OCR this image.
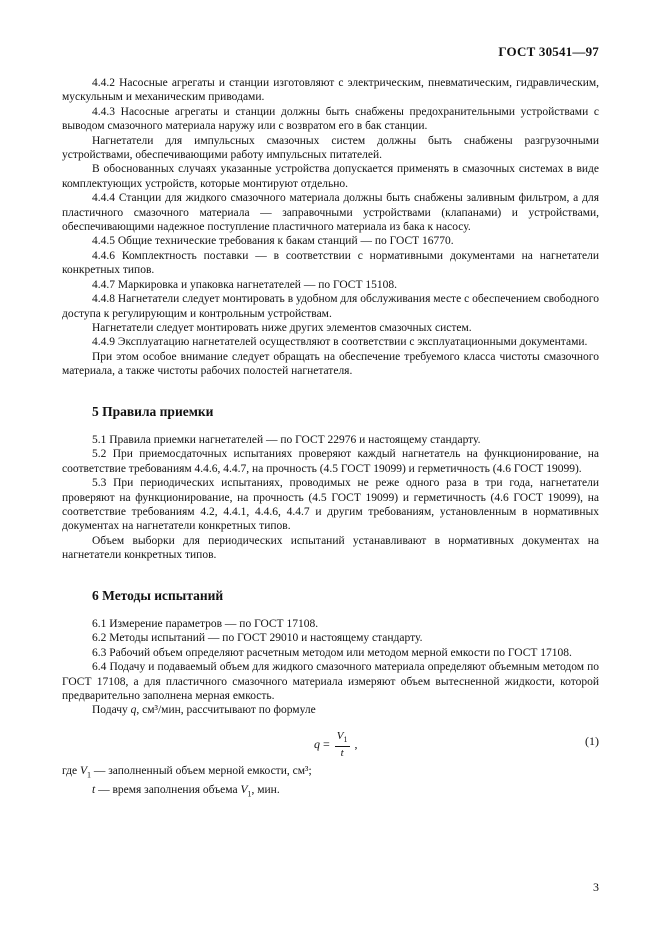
ГОСТ 30541—97

4.4.2 Насосные агрегаты и станции изготовляют с электрическим, пневматическим, гидравлическим, мускульным и механическим приводами.

4.4.3 Насосные агрегаты и станции должны быть снабжены предохранительными устройствами с выводом смазочного материала наружу или с возвратом его в бак станции.

Нагнетатели для импульсных смазочных систем должны быть снабжены разгрузочными устройствами, обеспечивающими работу импульсных питателей.

В обоснованных случаях указанные устройства допускается применять в смазочных системах в виде комплектующих устройств, которые монтируют отдельно.

4.4.4 Станции для жидкого смазочного материала должны быть снабжены заливным фильтром, а для пластичного смазочного материала — заправочными устройствами (клапанами) и устройствами, обеспечивающими надежное поступление пластичного материала из бака к насосу.

4.4.5 Общие технические требования к бакам станций — по ГОСТ 16770.

4.4.6 Комплектность поставки — в соответствии с нормативными документами на нагнетатели конкретных типов.

4.4.7 Маркировка и упаковка нагнетателей — по ГОСТ 15108.

4.4.8 Нагнетатели следует монтировать в удобном для обслуживания месте с обеспечением свободного доступа к регулирующим и контрольным устройствам.

Нагнетатели следует монтировать ниже других элементов смазочных систем.

4.4.9 Эксплуатацию нагнетателей осуществляют в соответствии с эксплуатационными документами.

При этом особое внимание следует обращать на обеспечение требуемого класса чистоты смазочного материала, а также чистоты рабочих полостей нагнетателя.

5 Правила приемки

5.1 Правила приемки нагнетателей — по ГОСТ 22976 и настоящему стандарту.

5.2 При приемосдаточных испытаниях проверяют каждый нагнетатель на функционирование, на соответствие требованиям 4.4.6, 4.4.7, на прочность (4.5 ГОСТ 19099) и герметичность (4.6 ГОСТ 19099).

5.3 При периодических испытаниях, проводимых не реже одного раза в три года, нагнетатели проверяют на функционирование, на прочность (4.5 ГОСТ 19099) и герметичность (4.6 ГОСТ 19099), на соответствие требованиям 4.2, 4.4.1, 4.4.6, 4.4.7 и другим требованиям, установленным в нормативных документах на нагнетатели конкретных типов.

Объем выборки для периодических испытаний устанавливают в нормативных документах на нагнетатели конкретных типов.

6 Методы испытаний

6.1 Измерение параметров — по ГОСТ 17108.

6.2 Методы испытаний — по ГОСТ 29010 и настоящему стандарту.

6.3 Рабочий объем определяют расчетным методом или методом мерной емкости по ГОСТ 17108.

6.4 Подачу и подаваемый объем для жидкого смазочного материала определяют объемным методом по ГОСТ 17108, а для пластичного смазочного материала измеряют объем вытесненной жидкости, которой предварительно заполнена мерная емкость.

Подачу q, см³/мин, рассчитывают по формуле

$q = \frac{V_1}{t}$ ,	(1)

где $V_1$ — заполненный объем мерной емкости, см³;

t — время заполнения объема $V_1$, мин.

3
